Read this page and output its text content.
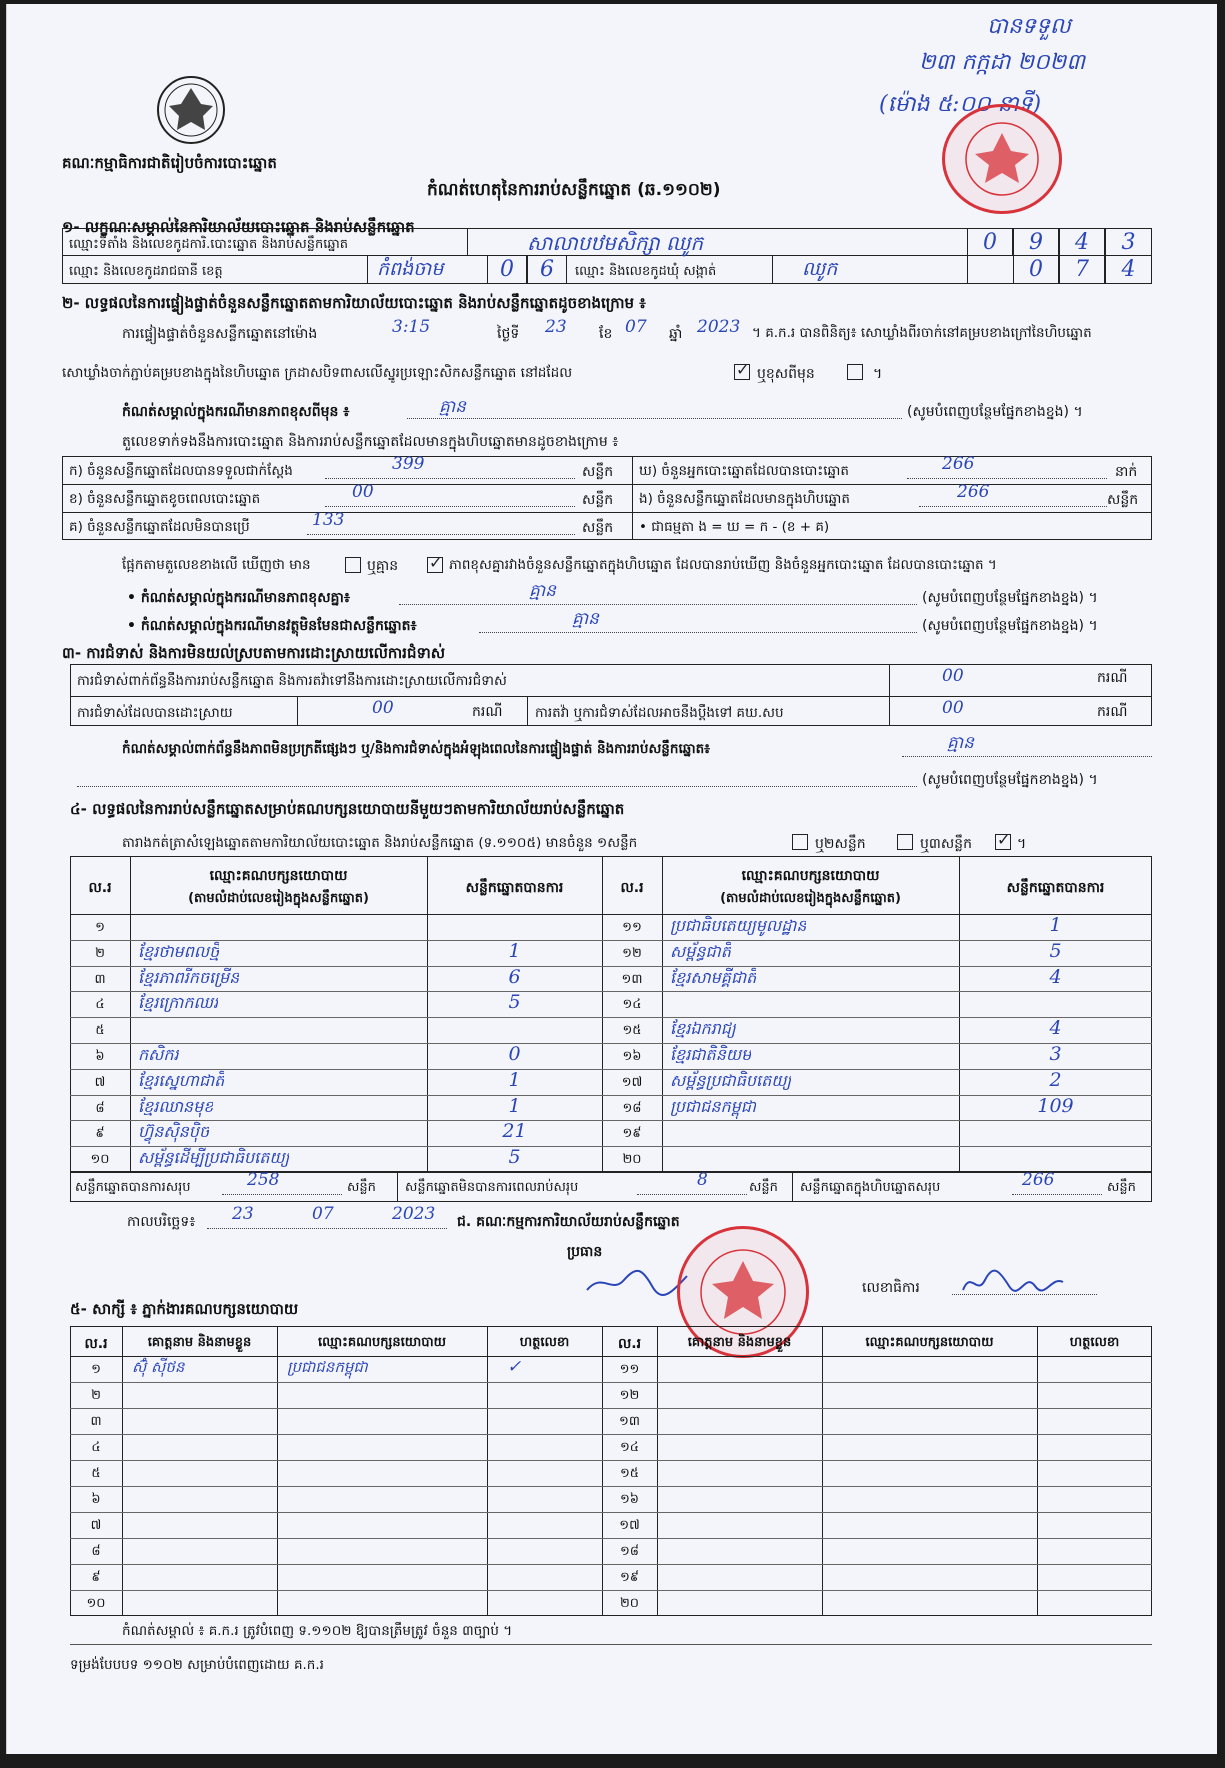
គណៈកម្មាធិការជាតិរៀបចំការបោះឆ្នោត
កំណត់ហេតុនៃការរាប់សន្លឹកឆ្នោត (ឆ.១១០២)
បានទទួល
២៣ កក្កដា ២០២៣
(ម៉ោង ៥:០០ នាទី)
១- លក្ខណៈសម្គាល់នៃការិយាល័យបោះឆ្នោត និងរាប់សន្លឹកឆ្នោត
ឈ្មោះទីតាំង និងលេខកូដការិ.បោះឆ្នោត និងរាប់សន្លឹកឆ្នោត	សាលាបឋមសិក្សា ឈូក	0	9	4	3
ឈ្មោះ និងលេខកូដរាជធានី ខេត្ត	កំពង់ចាម	0	6	ឈ្មោះ និងលេខកូដឃុំ សង្កាត់	ឈូក	0	7	4
២- លទ្ធផលនៃការផ្ទៀងផ្ទាត់ចំនួនសន្លឹកឆ្នោតតាមការិយាល័យបោះឆ្នោត និងរាប់សន្លឹកឆ្នោតដូចខាងក្រោម ៖
ការផ្ទៀងផ្ទាត់ចំនួនសន្លឹកឆ្នោតនៅម៉ោង	3:15	ថ្ងៃទី 23 ខែ 07 ឆ្នាំ 2023 ។ គ.ក.រ បានពិនិត្យ៖ សោឃ្លាំងពីរចាក់នៅគម្របខាងក្រៅនៃហិបឆ្នោត
សោឃ្លាំងចាក់ភ្ជាប់គម្របខាងក្នុងនៃហិបឆ្នោត ក្រដាសបិទពាសលើស្នូរប្រឡោះសិកសន្លឹកឆ្នោត នៅដដែល	✓ ឬខុសពីមុន	។
កំណត់សម្គាល់ក្នុងករណីមានភាពខុសពីមុន ៖	គ្មាន	(សូមបំពេញបន្ថែមផ្នែកខាងខ្នង) ។
តួលេខទាក់ទងនឹងការបោះឆ្នោត និងការរាប់សន្លឹកឆ្នោតដែលមានក្នុងហិបឆ្នោតមានដូចខាងក្រោម ៖
ក) ចំនួនសន្លឹកឆ្នោតដែលបានទទួលជាក់ស្តែង	399	សន្លឹក
ខ) ចំនួនសន្លឹកឆ្នោតខូចពេលបោះឆ្នោត	00	សន្លឹក
គ) ចំនួនសន្លឹកឆ្នោតដែលមិនបានប្រើ	133	សន្លឹក
ឃ) ចំនួនអ្នកបោះឆ្នោតដែលបានបោះឆ្នោត	266	នាក់
ង) ចំនួនសន្លឹកឆ្នោតដែលមានក្នុងហិបឆ្នោត	266	សន្លឹក
• ជាធម្មតា ង = ឃ = ក - (ខ + គ)
ផ្អែកតាមតួលេខខាងលើ ឃើញថា មាន	ឬគ្មាន ✓ ភាពខុសគ្នារវាងចំនួនសន្លឹកឆ្នោតក្នុងហិបឆ្នោត ដែលបានរាប់ឃើញ និងចំនួនអ្នកបោះឆ្នោត ដែលបានបោះឆ្នោត ។
• កំណត់សម្គាល់ក្នុងករណីមានភាពខុសគ្នា៖	គ្មាន	(សូមបំពេញបន្ថែមផ្នែកខាងខ្នង) ។
• កំណត់សម្គាល់ក្នុងករណីមានវត្ថុមិនមែនជាសន្លឹកឆ្នោត៖	គ្មាន	(សូមបំពេញបន្ថែមផ្នែកខាងខ្នង) ។
៣- ការជំទាស់ និងការមិនយល់ស្របតាមការដោះស្រាយលើការជំទាស់
ការជំទាស់ពាក់ព័ន្ធនឹងការរាប់សន្លឹកឆ្នោត និងការតវ៉ាទៅនឹងការដោះស្រាយលើការជំទាស់	00	ករណី
ការជំទាស់ដែលបានដោះស្រាយ	00	ករណី ការតវ៉ា ឬការជំទាស់ដែលអាចនឹងប្តឹងទៅ គឃ.សប	00	ករណី
កំណត់សម្គាល់ពាក់ព័ន្ធនឹងភាពមិនប្រក្រតីផ្សេងៗ ឬ/និងការជំទាស់ក្នុងអំឡុងពេលនៃការផ្ទៀងផ្ទាត់ និងការរាប់សន្លឹកឆ្នោត៖	គ្មាន
(សូមបំពេញបន្ថែមផ្នែកខាងខ្នង) ។
៤- លទ្ធផលនៃការរាប់សន្លឹកឆ្នោតសម្រាប់គណបក្សនយោបាយនីមួយៗតាមការិយាល័យរាប់សន្លឹកឆ្នោត
តារាងកត់ត្រាសំឡេងឆ្នោតតាមការិយាល័យបោះឆ្នោត និងរាប់សន្លឹកឆ្នោត (ទ.១១០៥) មានចំនួន ១សន្លឹក	ឬ២សន្លឹក	ឬ៣សន្លឹក ✓ ។
ល.រ
ឈ្មោះគណបក្សនយោបាយ
(តាមលំដាប់លេខរៀងក្នុងសន្លឹកឆ្នោត)
សន្លឹកឆ្នោតបានការ	ល.រ
ឈ្មោះគណបក្សនយោបាយ
(តាមលំដាប់លេខរៀងក្នុងសន្លឹកឆ្នោត)
សន្លឹកឆ្នោតបានការ
១
២	ខ្មែរថាមពលថ្មី	1
៣	ខ្មែរភាពរីកចម្រើន	6
៤	ខ្មែរក្រោកឈរ	5
៥
៦	កសិករ	0
៧	ខ្មែរស្នេហាជាតិ	1
៨	ខ្មែរឈានមុខ	1
៩	ហ៊្វុនស៊ិនប៉ិច	21
១០	សម្ព័ន្ធដើម្បីប្រជាធិបតេយ្យ	5
១១	ប្រជាធិបតេយ្យមូលដ្ឋាន	1
១២	សម្ព័ន្ធជាតិ	5
១៣	ខ្មែរសាមគ្គីជាតិ	4
១៤
១៥	ខ្មែរឯករាជ្យ	4
១៦	ខ្មែរជាតិនិយម	3
១៧	សម្ព័ន្ធប្រជាធិបតេយ្យ	2
១៨	ប្រជាជនកម្ពុជា	109
១៩
២០
សន្លឹកឆ្នោតបានការសរុប	258	សន្លឹក សន្លឹកឆ្នោតមិនបានការពេលរាប់សរុប	8	សន្លឹក សន្លឹកឆ្នោតក្នុងហិបឆ្នោតសរុប	266	សន្លឹក
កាលបរិច្ឆេទ៖ 23	07	2023 ជ. គណៈកម្មការការិយាល័យរាប់សន្លឹកឆ្នោត
ប្រធាន
លេខាធិការ
៥- សាក្សី ៖ ភ្នាក់ងារគណបក្សនយោបាយ
ល.រ	គោត្តនាម និងនាមខ្លួន	ឈ្មោះគណបក្សនយោបាយ	ហត្ថលេខា	ល.រ	គោត្តនាម និងនាមខ្លួន	ឈ្មោះគណបក្សនយោបាយ	ហត្ថលេខា
១	ស៊ុំ ស៊ីថន	ប្រជាជនកម្ពុជា	✓	១១
២	១២
៣	១៣
៤	១៤
៥	១៥
៦	១៦
៧	១៧
៨	១៨
៩	១៩
១០	២០
កំណត់សម្គាល់ ៖ គ.ក.រ ត្រូវបំពេញ ទ.១១០២ ឱ្យបានត្រឹមត្រូវ ចំនួន ៣ច្បាប់ ។
ទម្រង់បែបបទ ១១០២ សម្រាប់បំពេញដោយ គ.ក.រ
